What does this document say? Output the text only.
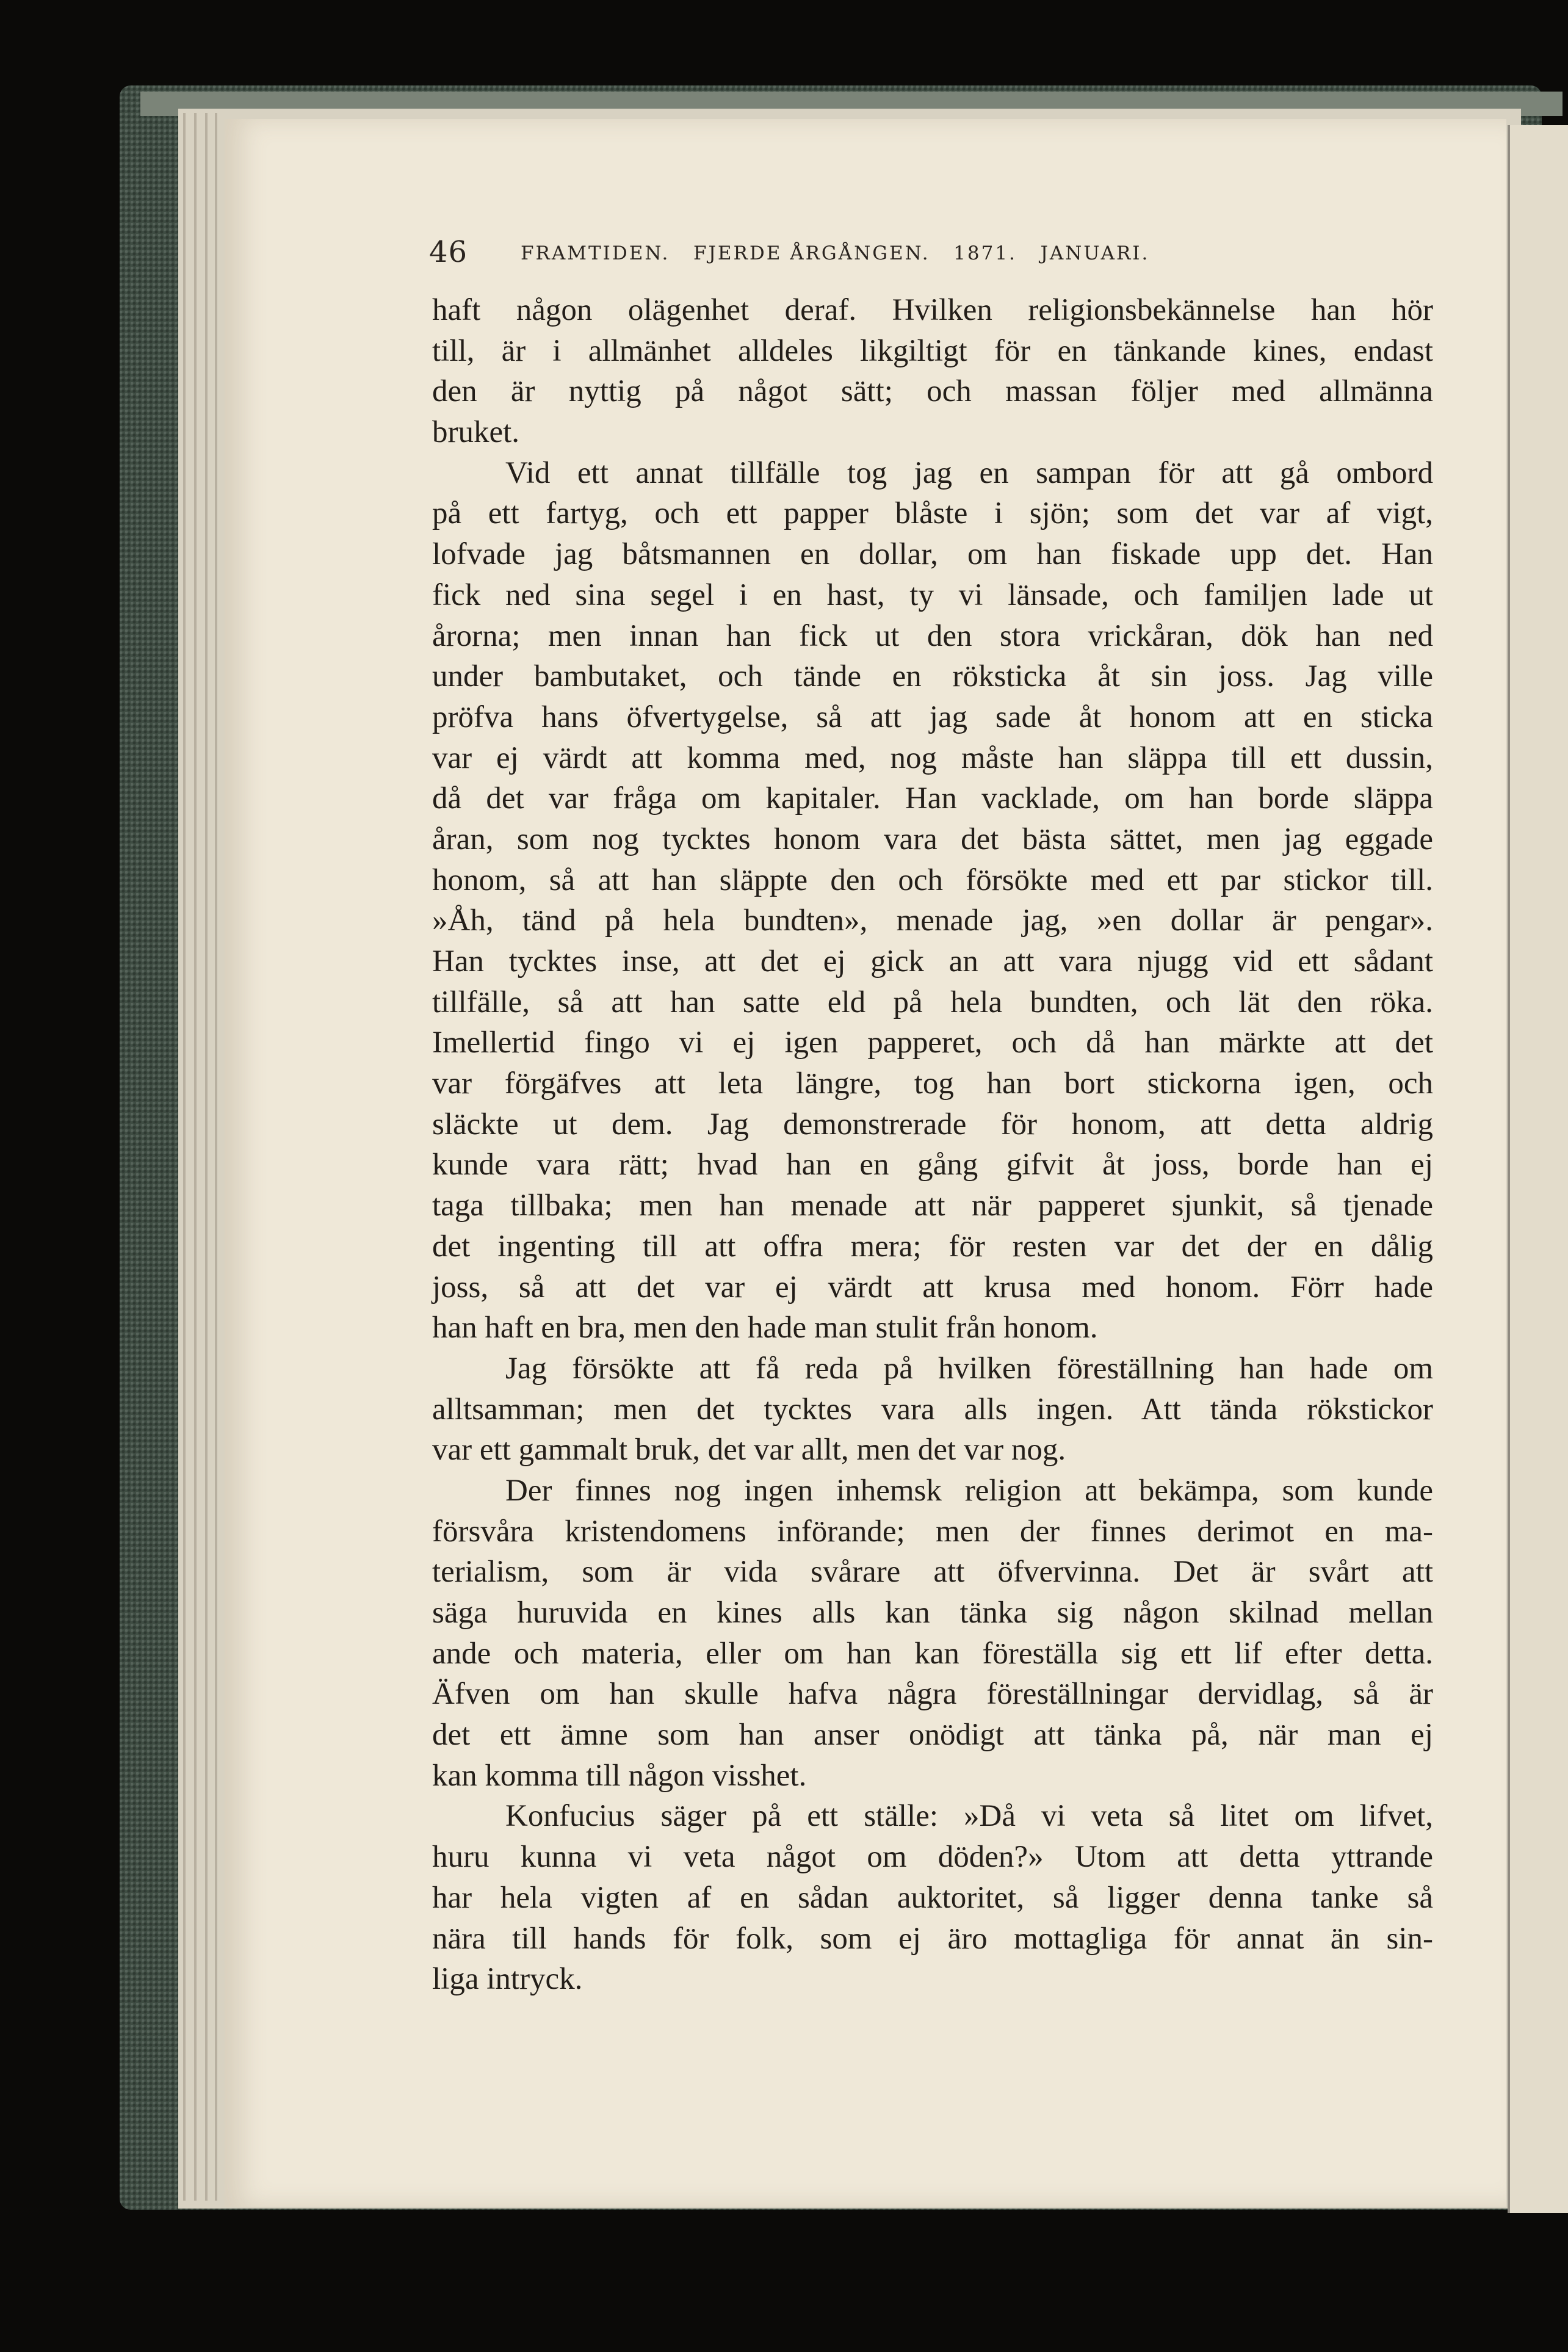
46	FRAMTIDEN.   FJERDE ÅRGÅNGEN.   1871.   JANUARI.
haft någon olägenhet deraf. Hvilken religionsbekännelse han hör
till, är i allmänhet alldeles likgiltigt för en tänkande kines, endast
den är nyttig på något sätt; och massan följer med allmänna
bruket.
Vid ett annat tillfälle tog jag en sampan för att gå ombord
på ett fartyg, och ett papper blåste i sjön; som det var af vigt,
lofvade jag båtsmannen en dollar, om han fiskade upp det. Han
fick ned sina segel i en hast, ty vi länsade, och familjen lade ut
årorna; men innan han fick ut den stora vrickåran, dök han ned
under bambutaket, och tände en röksticka åt sin joss. Jag ville
pröfva hans öfvertygelse, så att jag sade åt honom att en sticka
var ej värdt att komma med, nog måste han släppa till ett dussin,
då det var fråga om kapitaler. Han vacklade, om han borde släppa
åran, som nog tycktes honom vara det bästa sättet, men jag eggade
honom, så att han släppte den och försökte med ett par stickor till.
»Åh, tänd på hela bundten», menade jag, »en dollar är pengar».
Han tycktes inse, att det ej gick an att vara njugg vid ett sådant
tillfälle, så att han satte eld på hela bundten, och lät den röka.
Imellertid fingo vi ej igen papperet, och då han märkte att det
var förgäfves att leta längre, tog han bort stickorna igen, och
släckte ut dem. Jag demonstrerade för honom, att detta aldrig
kunde vara rätt; hvad han en gång gifvit åt joss, borde han ej
taga tillbaka; men han menade att när papperet sjunkit, så tjenade
det ingenting till att offra mera; för resten var det der en dålig
joss, så att det var ej värdt att krusa med honom. Förr hade
han haft en bra, men den hade man stulit från honom.
Jag försökte att få reda på hvilken föreställning han hade om
alltsamman; men det tycktes vara alls ingen. Att tända rökstickor
var ett gammalt bruk, det var allt, men det var nog.
Der finnes nog ingen inhemsk religion att bekämpa, som kunde
försvåra kristendomens införande; men der finnes derimot en ma-
terialism, som är vida svårare att öfvervinna. Det är svårt att
säga huruvida en kines alls kan tänka sig någon skilnad mellan
ande och materia, eller om han kan föreställa sig ett lif efter detta.
Äfven om han skulle hafva några föreställningar dervidlag, så är
det ett ämne som han anser onödigt att tänka på, när man ej
kan komma till någon visshet.
Konfucius säger på ett ställe: »Då vi veta så litet om lifvet,
huru kunna vi veta något om döden?» Utom att detta yttrande
har hela vigten af en sådan auktoritet, så ligger denna tanke så
nära till hands för folk, som ej äro mottagliga för annat än sin-
liga intryck.
